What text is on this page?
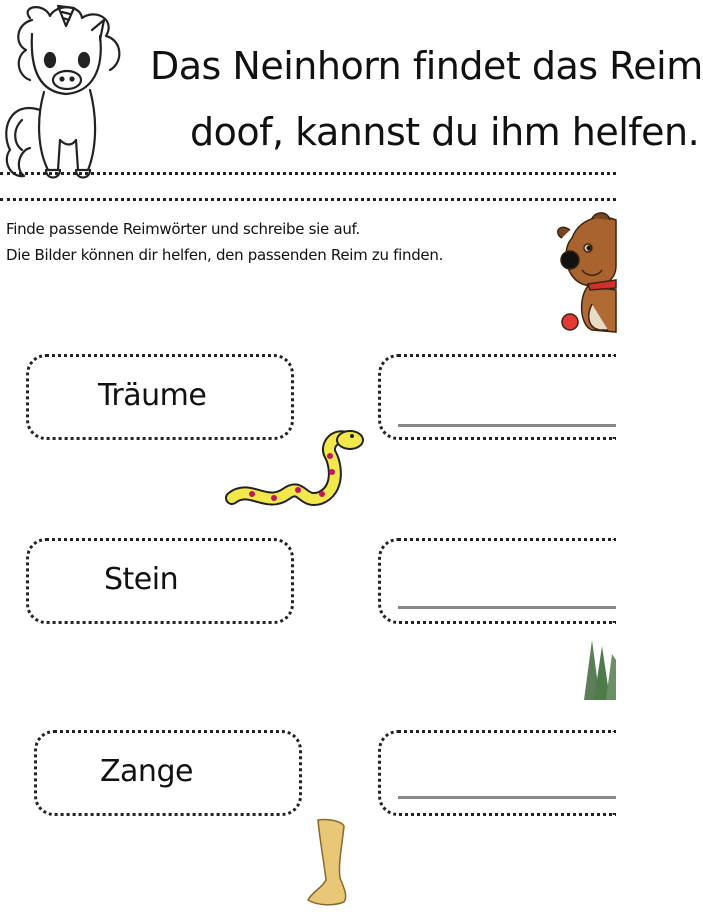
Das Neinhorn findet das Reim
doof, kannst du ihm helfen.
Finde passende Reimwörter und schreibe sie auf.
Die Bilder können dir helfen, den passenden Reim zu finden.
Träume
Stein
Zange
